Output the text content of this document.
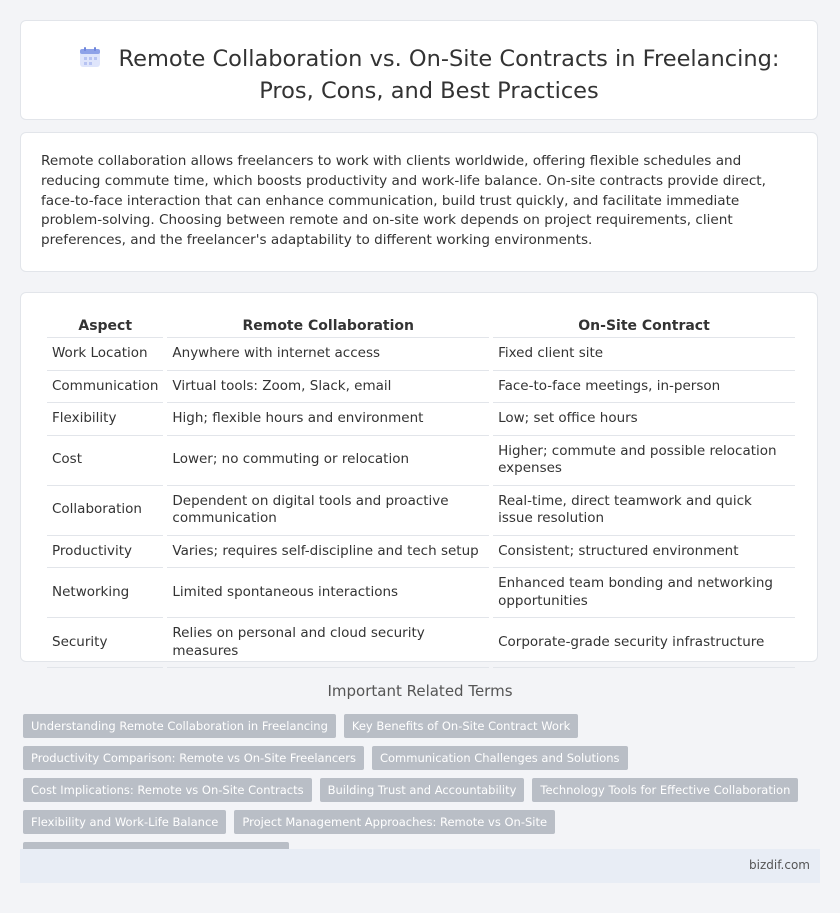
Remote Collaboration vs. On-Site Contracts in Freelancing: Pros, Cons, and Best Practices
Remote collaboration allows freelancers to work with clients worldwide, offering flexible schedules and reducing commute time, which boosts productivity and work-life balance. On-site contracts provide direct, face-to-face interaction that can enhance communication, build trust quickly, and facilitate immediate problem-solving. Choosing between remote and on-site work depends on project requirements, client preferences, and the freelancer's adaptability to different working environments.
Aspect	Remote Collaboration	On-Site Contract
Work Location	Anywhere with internet access	Fixed client site
Communication	Virtual tools: Zoom, Slack, email	Face-to-face meetings, in-person
Flexibility	High; flexible hours and environment	Low; set office hours
Cost	Lower; no commuting or relocation	Higher; commute and possible relocation expenses
Collaboration	Dependent on digital tools and proactive communication	Real-time, direct teamwork and quick issue resolution
Productivity	Varies; requires self-discipline and tech setup	Consistent; structured environment
Networking	Limited spontaneous interactions	Enhanced team bonding and networking opportunities
Security	Relies on personal and cloud security measures	Corporate-grade security infrastructure
Important Related Terms
Understanding Remote Collaboration in Freelancing	Key Benefits of On-Site Contract Work
Productivity Comparison: Remote vs On-Site Freelancers	Communication Challenges and Solutions
Cost Implications: Remote vs On-Site Contracts	Building Trust and Accountability	Technology Tools for Effective Collaboration
Flexibility and Work-Life Balance	Project Management Approaches: Remote vs On-Site
bizdif.com
